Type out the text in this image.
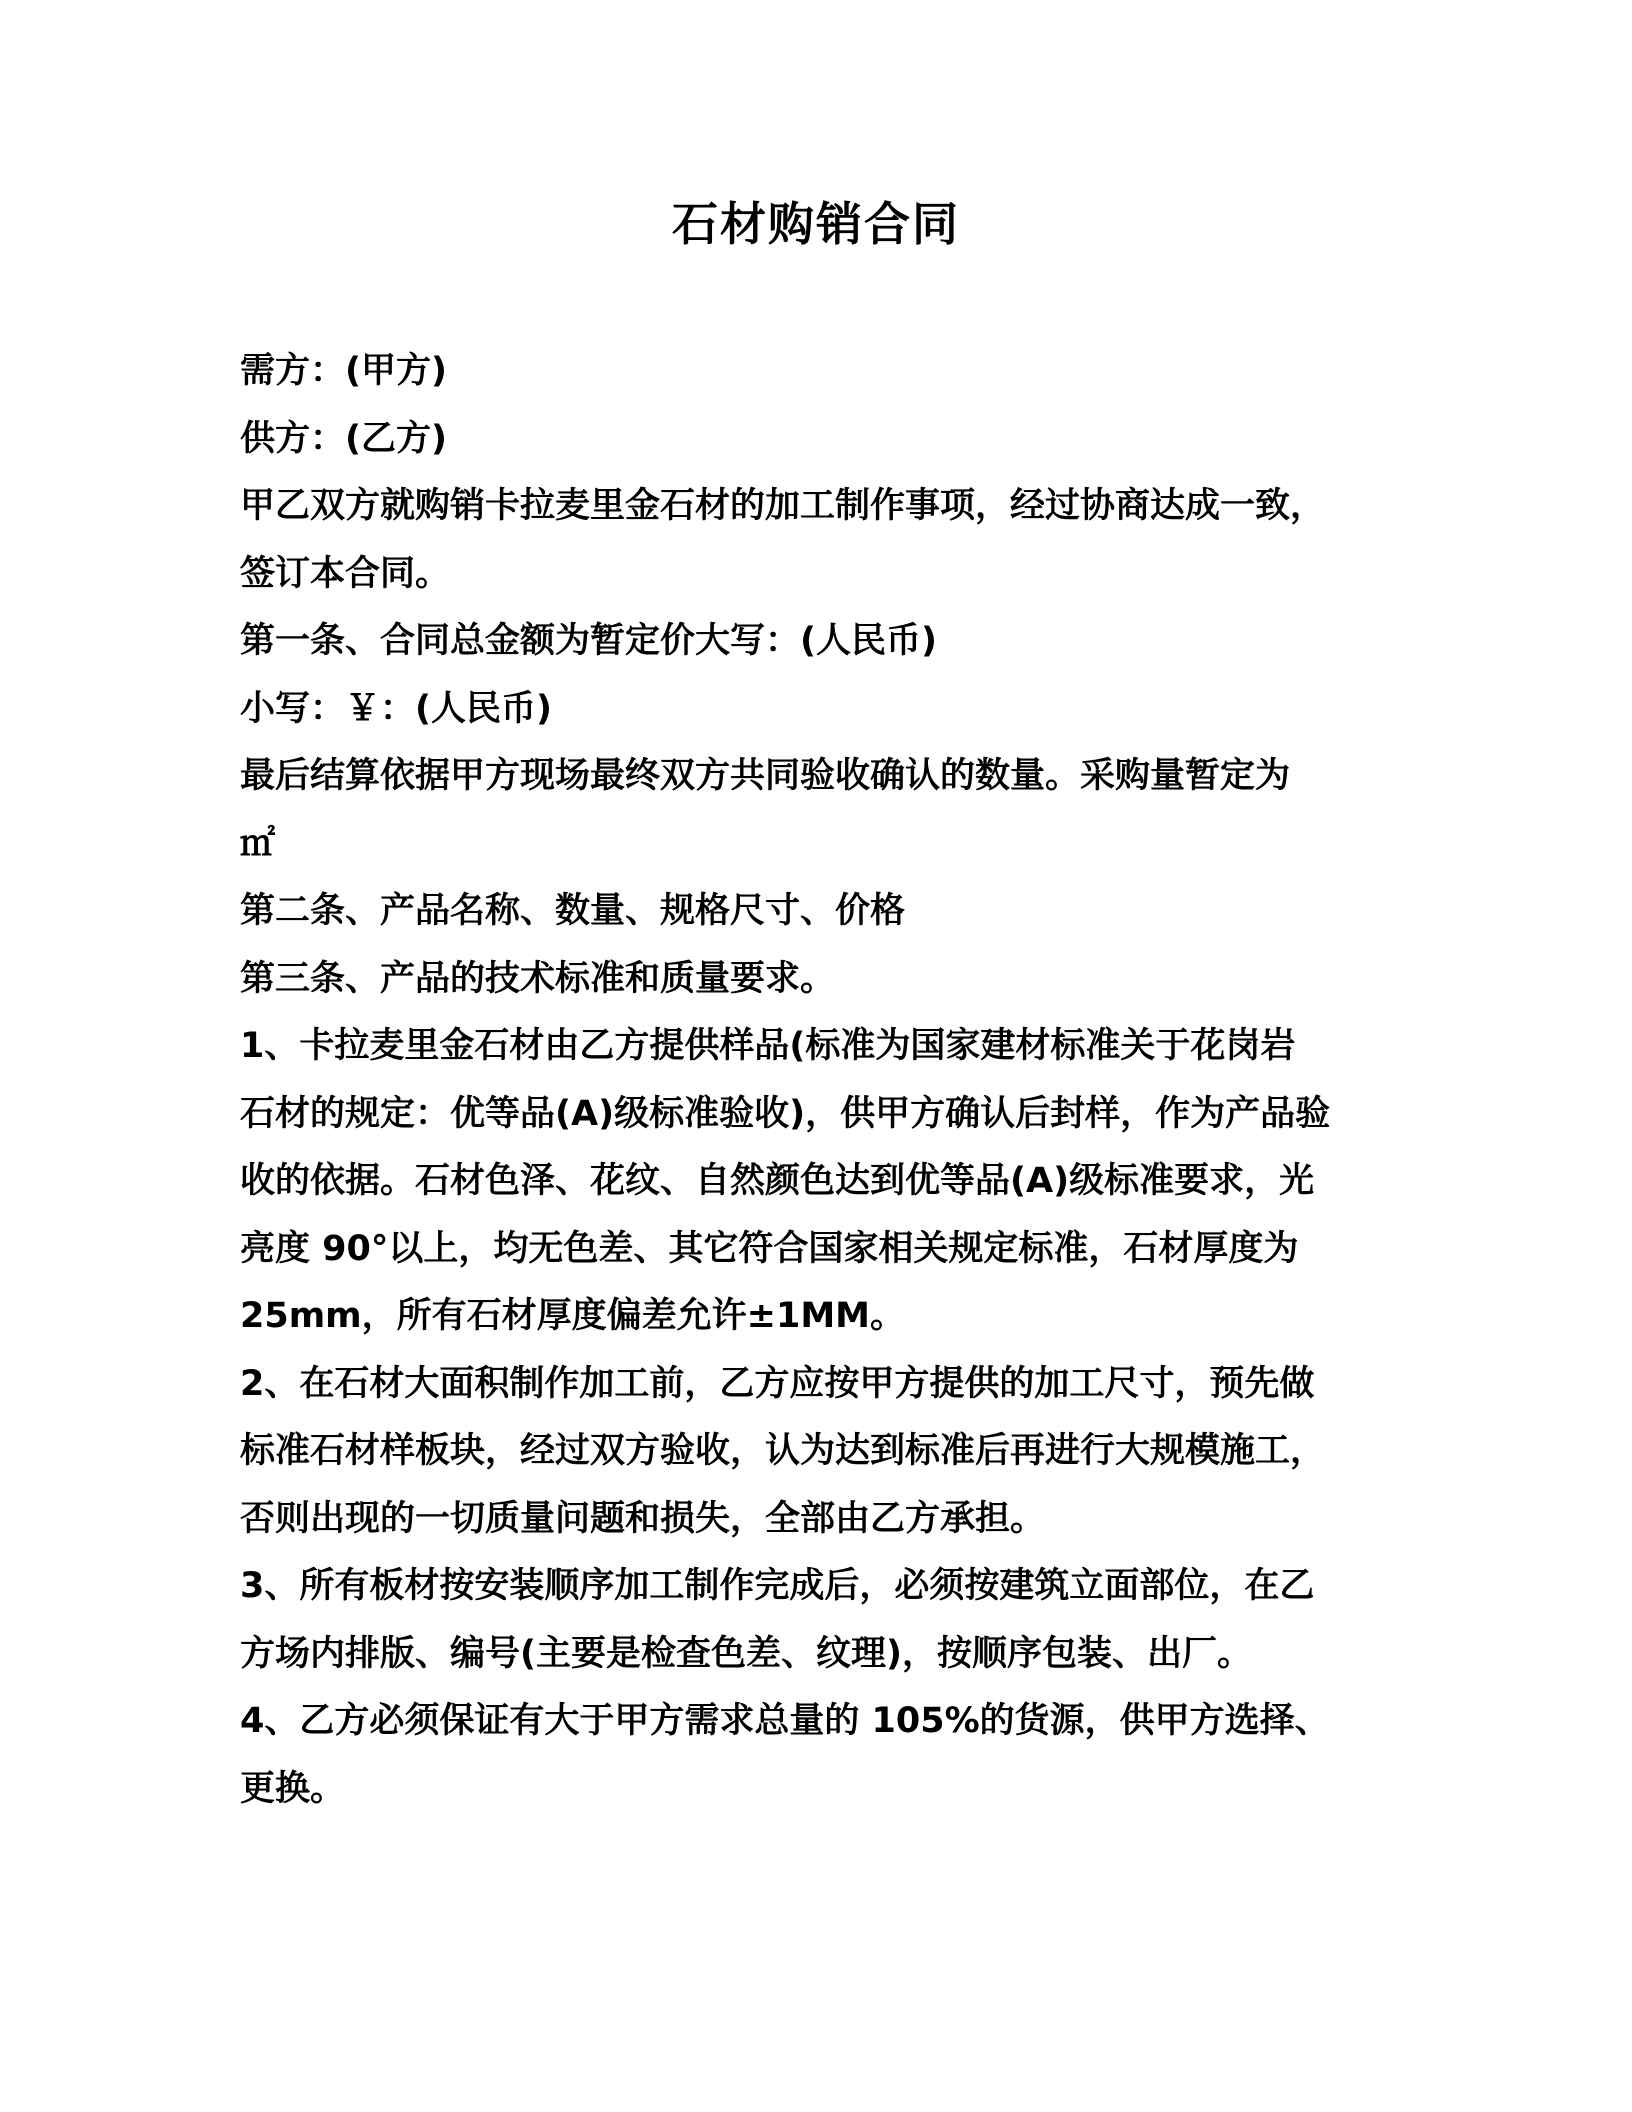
石材购销合同
需方：(甲方)
供方：(乙方)
甲乙双方就购销卡拉麦里金石材的加工制作事项，经过协商达成一致，
签订本合同。
第一条、合同总金额为暂定价大写：(人民币)
小写：￥：(人民币)
最后结算依据甲方现场最终双方共同验收确认的数量。采购量暂定为
㎡
第二条、产品名称、数量、规格尺寸、价格
第三条、产品的技术标准和质量要求。
1、卡拉麦里金石材由乙方提供样品(标准为国家建材标准关于花岗岩
石材的规定：优等品(A)级标准验收)，供甲方确认后封样，作为产品验
收的依据。石材色泽、花纹、自然颜色达到优等品(A)级标准要求，光
亮度 90°以上，均无色差、其它符合国家相关规定标准，石材厚度为
25mm，所有石材厚度偏差允许±1MM。
2、在石材大面积制作加工前，乙方应按甲方提供的加工尺寸，预先做
标准石材样板块，经过双方验收，认为达到标准后再进行大规模施工，
否则出现的一切质量问题和损失，全部由乙方承担。
3、所有板材按安装顺序加工制作完成后，必须按建筑立面部位，在乙
方场内排版、编号(主要是检查色差、纹理)，按顺序包装、出厂。
4、乙方必须保证有大于甲方需求总量的 105%的货源，供甲方选择、
更换。
